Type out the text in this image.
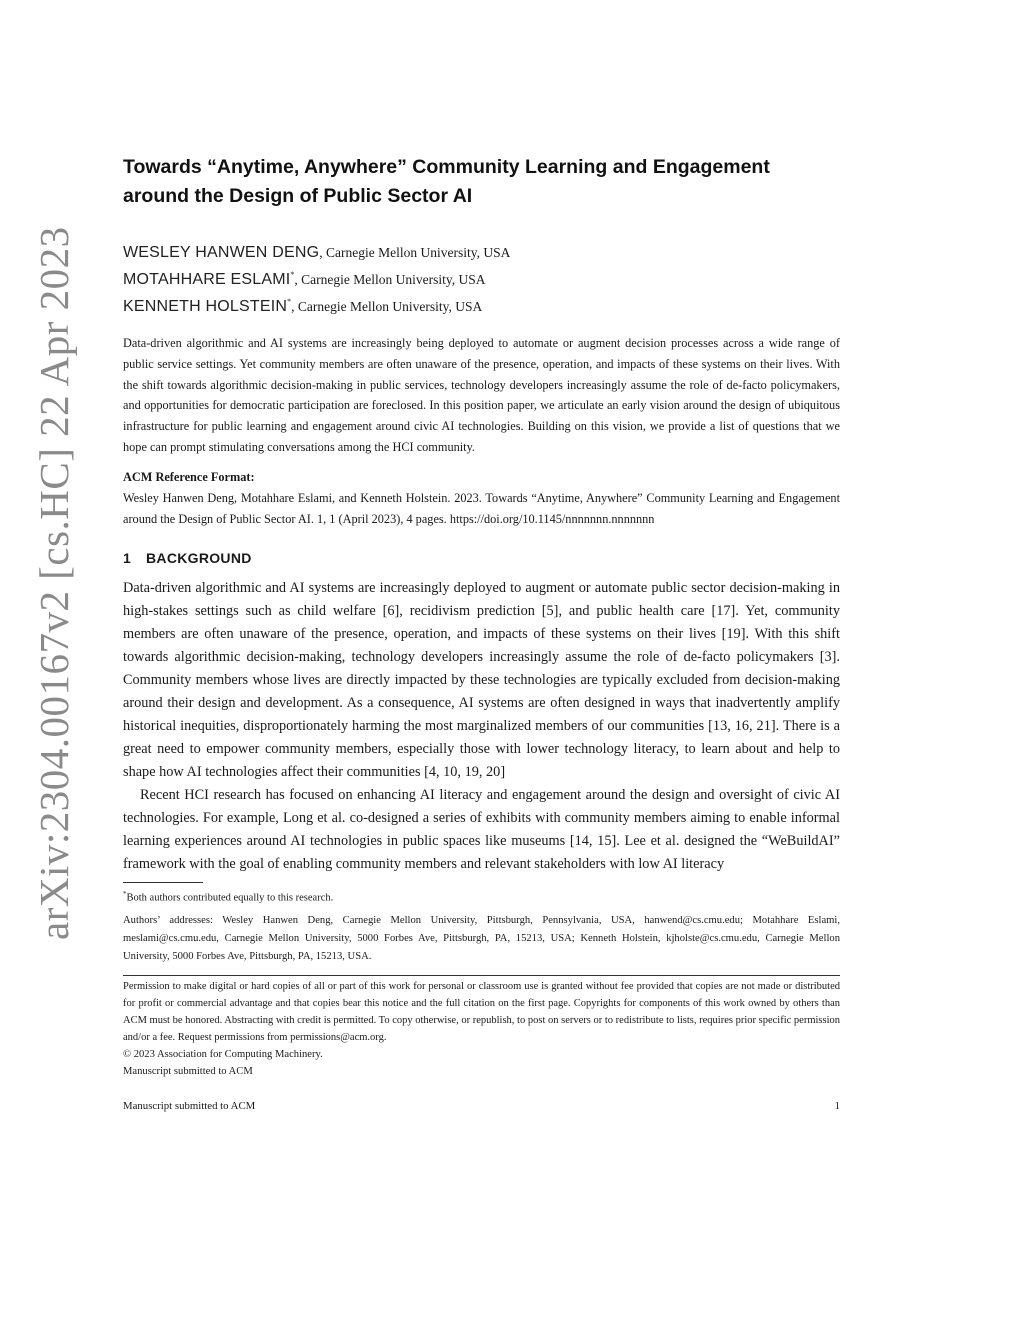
arXiv:2304.00167v2 [cs.HC] 22 Apr 2023
Towards “Anytime, Anywhere” Community Learning and Engagement around the Design of Public Sector AI
WESLEY HANWEN DENG, Carnegie Mellon University, USA
MOTAHHARE ESLAMI*, Carnegie Mellon University, USA
KENNETH HOLSTEIN*, Carnegie Mellon University, USA
Data-driven algorithmic and AI systems are increasingly being deployed to automate or augment decision processes across a wide range of public service settings. Yet community members are often unaware of the presence, operation, and impacts of these systems on their lives. With the shift towards algorithmic decision-making in public services, technology developers increasingly assume the role of de-facto policymakers, and opportunities for democratic participation are foreclosed. In this position paper, we articulate an early vision around the design of ubiquitous infrastructure for public learning and engagement around civic AI technologies. Building on this vision, we provide a list of questions that we hope can prompt stimulating conversations among the HCI community.
ACM Reference Format:
Wesley Hanwen Deng, Motahhare Eslami, and Kenneth Holstein. 2023. Towards “Anytime, Anywhere” Community Learning and Engagement around the Design of Public Sector AI. 1, 1 (April 2023), 4 pages. https://doi.org/10.1145/nnnnnnn.nnnnnnn
1 BACKGROUND

Data-driven algorithmic and AI systems are increasingly deployed to augment or automate public sector decision-making in high-stakes settings such as child welfare [6], recidivism prediction [5], and public health care [17]. Yet, community members are often unaware of the presence, operation, and impacts of these systems on their lives [19]. With this shift towards algorithmic decision-making, technology developers increasingly assume the role of de-facto policymakers [3]. Community members whose lives are directly impacted by these technologies are typically excluded from decision-making around their design and development. As a consequence, AI systems are often designed in ways that inadvertently amplify historical inequities, disproportionately harming the most marginalized members of our communities [13, 16, 21]. There is a great need to empower community members, especially those with lower technology literacy, to learn about and help to shape how AI technologies affect their communities [4, 10, 19, 20]

Recent HCI research has focused on enhancing AI literacy and engagement around the design and oversight of civic AI technologies. For example, Long et al. co-designed a series of exhibits with community members aiming to enable informal learning experiences around AI technologies in public spaces like museums [14, 15]. Lee et al. designed the “WeBuildAI” framework with the goal of enabling community members and relevant stakeholders with low AI literacy

*Both authors contributed equally to this research.
Authors’ addresses: Wesley Hanwen Deng, Carnegie Mellon University, Pittsburgh, Pennsylvania, USA, hanwend@cs.cmu.edu; Motahhare Eslami, meslami@cs.cmu.edu, Carnegie Mellon University, 5000 Forbes Ave, Pittsburgh, PA, 15213, USA; Kenneth Holstein, kjholste@cs.cmu.edu, Carnegie Mellon University, 5000 Forbes Ave, Pittsburgh, PA, 15213, USA.
Permission to make digital or hard copies of all or part of this work for personal or classroom use is granted without fee provided that copies are not made or distributed for profit or commercial advantage and that copies bear this notice and the full citation on the first page. Copyrights for components of this work owned by others than ACM must be honored. Abstracting with credit is permitted. To copy otherwise, or republish, to post on servers or to redistribute to lists, requires prior specific permission and/or a fee. Request permissions from permissions@acm.org.
© 2023 Association for Computing Machinery.
Manuscript submitted to ACM
Manuscript submitted to ACM	1
